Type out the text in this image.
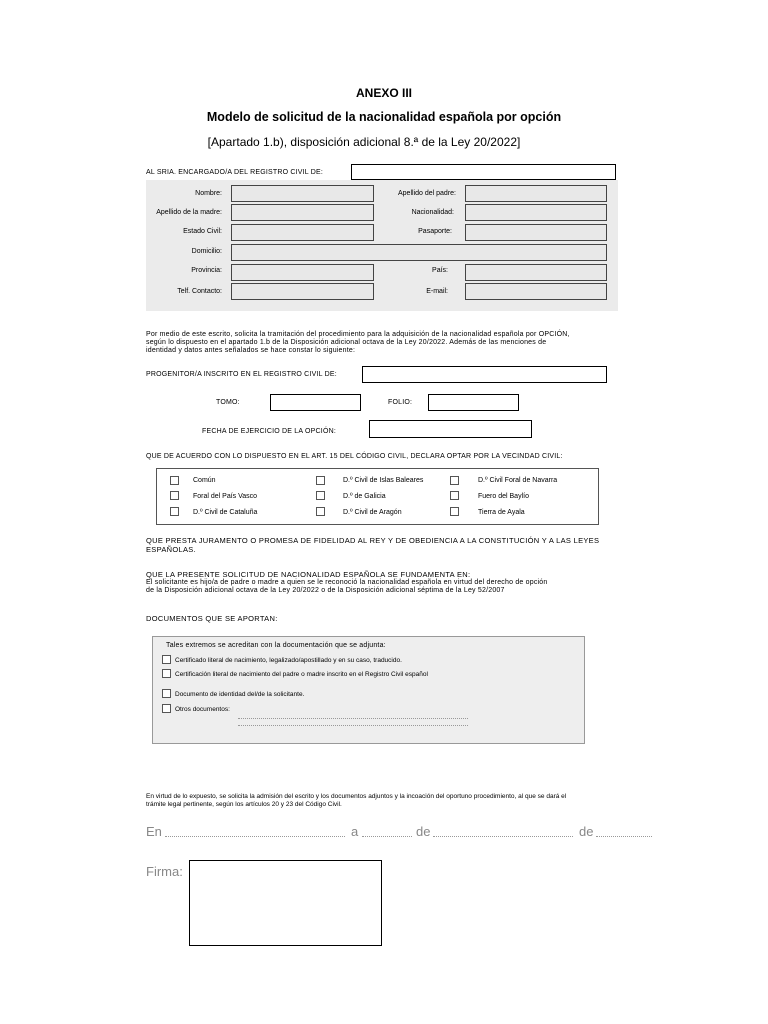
ANEXO III
Modelo de solicitud de la nacionalidad española por opción
[Apartado 1.b), disposición adicional 8.ª de la Ley 20/2022]
AL SRIA. ENCARGADO/A DEL REGISTRO CIVIL DE:
Nombre:	Apellido del padre:
Apellido de la madre:	Nacionalidad:
Estado Civil:	Pasaporte:
Domicilio:
Provincia:	País:
Telf. Contacto:	E-mail:
Por medio de este escrito, solicita la tramitación del procedimiento para la adquisición de la nacionalidad española por OPCIÓN,
según lo dispuesto en el apartado 1.b de la Disposición adicional octava de la Ley 20/2022. Además de las menciones de
identidad y datos antes señalados se hace constar lo siguiente:
PROGENITOR/A INSCRITO EN EL REGISTRO CIVIL DE:
TOMO:	FOLIO:
FECHA DE EJERCICIO DE LA OPCIÓN:
QUE DE ACUERDO CON LO DISPUESTO EN EL ART. 15 DEL CÓDIGO CIVIL, DECLARA OPTAR POR LA VECINDAD CIVIL:
Común	D.º Civil de Islas Baleares	D.º Civil Foral de Navarra
Foral del País Vasco	D.º de Galicia	Fuero del Baylío
D.º Civil de Cataluña	D.º Civil de Aragón	Tierra de Ayala
QUE PRESTA JURAMENTO O PROMESA DE FIDELIDAD AL REY Y DE OBEDIENCIA A LA CONSTITUCIÓN Y A LAS LEYES
ESPAÑOLAS.
QUE LA PRESENTE SOLICITUD DE NACIONALIDAD ESPAÑOLA SE FUNDAMENTA EN:
El solicitante es hijo/a de padre o madre a quien se le reconoció la nacionalidad española en virtud del derecho de opción
de la Disposición adicional octava de la Ley 20/2022 o de la Disposición adicional séptima de la Ley 52/2007
DOCUMENTOS QUE SE APORTAN:
Tales extremos se acreditan con la documentación que se adjunta:
Certificado literal de nacimiento, legalizado/apostillado y en su caso, traducido.
Certificación literal de nacimiento del padre o madre inscrito en el Registro Civil español
Documento de identidad del/de la solicitante.
Otros documentos:
En virtud de lo expuesto, se solicita la admisión del escrito y los documentos adjuntos y la incoación del oportuno procedimiento, al que se dará el
trámite legal pertinente, según los artículos 20 y 23 del Código Civil.
En	a	de	de
Firma:
